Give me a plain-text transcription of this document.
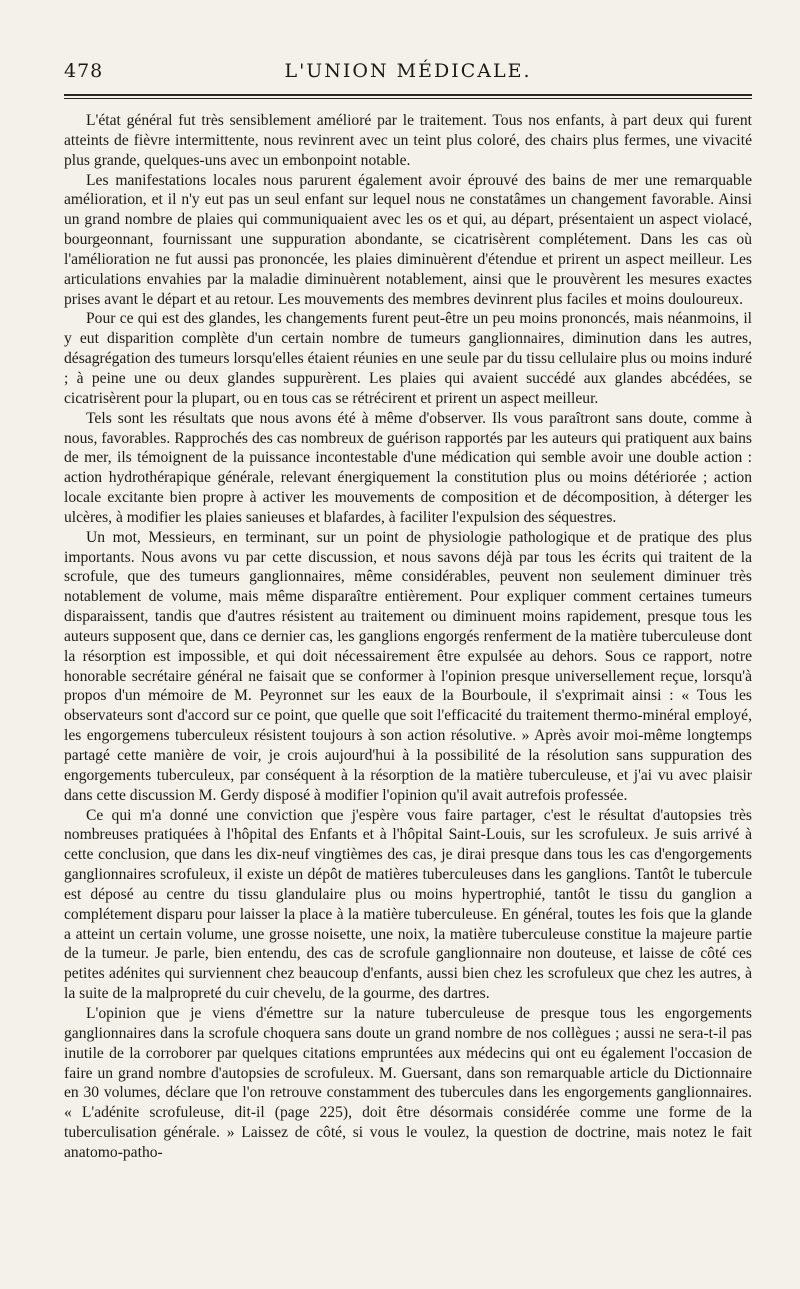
478	L'UNION MÉDICALE.

L'état général fut très sensiblement amélioré par le traitement. Tous nos enfants, à part deux qui furent atteints de fièvre intermittente, nous revinrent avec un teint plus coloré, des chairs plus fermes, une vivacité plus grande, quelques-uns avec un embonpoint notable.

Les manifestations locales nous parurent également avoir éprouvé des bains de mer une remarquable amélioration, et il n'y eut pas un seul enfant sur lequel nous ne constatâmes un changement favorable. Ainsi un grand nombre de plaies qui communiquaient avec les os et qui, au départ, présentaient un aspect violacé, bourgeonnant, fournissant une suppuration abondante, se cicatrisèrent complétement. Dans les cas où l'amélioration ne fut aussi pas prononcée, les plaies diminuèrent d'étendue et prirent un aspect meilleur. Les articulations envahies par la maladie diminuèrent notablement, ainsi que le prouvèrent les mesures exactes prises avant le départ et au retour. Les mouvements des membres devinrent plus faciles et moins douloureux.

Pour ce qui est des glandes, les changements furent peut-être un peu moins prononcés, mais néanmoins, il y eut disparition complète d'un certain nombre de tumeurs ganglionnaires, diminution dans les autres, désagrégation des tumeurs lorsqu'elles étaient réunies en une seule par du tissu cellulaire plus ou moins induré ; à peine une ou deux glandes suppurèrent. Les plaies qui avaient succédé aux glandes abcédées, se cicatrisèrent pour la plupart, ou en tous cas se rétrécirent et prirent un aspect meilleur.

Tels sont les résultats que nous avons été à même d'observer. Ils vous paraîtront sans doute, comme à nous, favorables. Rapprochés des cas nombreux de guérison rapportés par les auteurs qui pratiquent aux bains de mer, ils témoignent de la puissance incontestable d'une médication qui semble avoir une double action : action hydrothérapique générale, relevant énergiquement la constitution plus ou moins détériorée ; action locale excitante bien propre à activer les mouvements de composition et de décomposition, à déterger les ulcères, à modifier les plaies sanieuses et blafardes, à faciliter l'expulsion des séquestres.

Un mot, Messieurs, en terminant, sur un point de physiologie pathologique et de pratique des plus importants. Nous avons vu par cette discussion, et nous savons déjà par tous les écrits qui traitent de la scrofule, que des tumeurs ganglionnaires, même considérables, peuvent non seulement diminuer très notablement de volume, mais même disparaître entièrement. Pour expliquer comment certaines tumeurs disparaissent, tandis que d'autres résistent au traitement ou diminuent moins rapidement, presque tous les auteurs supposent que, dans ce dernier cas, les ganglions engorgés renferment de la matière tuberculeuse dont la résorption est impossible, et qui doit nécessairement être expulsée au dehors. Sous ce rapport, notre honorable secrétaire général ne faisait que se conformer à l'opinion presque universellement reçue, lorsqu'à propos d'un mémoire de M. Peyronnet sur les eaux de la Bourboule, il s'exprimait ainsi : « Tous les observateurs sont d'accord sur ce point, que quelle que soit l'efficacité du traitement thermo-minéral employé, les engorgemens tuberculeux résistent toujours à son action résolutive. » Après avoir moi-même longtemps partagé cette manière de voir, je crois aujourd'hui à la possibilité de la résolution sans suppuration des engorgements tuberculeux, par conséquent à la résorption de la matière tuberculeuse, et j'ai vu avec plaisir dans cette discussion M. Gerdy disposé à modifier l'opinion qu'il avait autrefois professée.

Ce qui m'a donné une conviction que j'espère vous faire partager, c'est le résultat d'autopsies très nombreuses pratiquées à l'hôpital des Enfants et à l'hôpital Saint-Louis, sur les scrofuleux. Je suis arrivé à cette conclusion, que dans les dix-neuf vingtièmes des cas, je dirai presque dans tous les cas d'engorgements ganglionnaires scrofuleux, il existe un dépôt de matières tuberculeuses dans les ganglions. Tantôt le tubercule est déposé au centre du tissu glandulaire plus ou moins hypertrophié, tantôt le tissu du ganglion a complétement disparu pour laisser la place à la matière tuberculeuse. En général, toutes les fois que la glande a atteint un certain volume, une grosse noisette, une noix, la matière tuberculeuse constitue la majeure partie de la tumeur. Je parle, bien entendu, des cas de scrofule ganglionnaire non douteuse, et laisse de côté ces petites adénites qui surviennent chez beaucoup d'enfants, aussi bien chez les scrofuleux que chez les autres, à la suite de la malpropreté du cuir chevelu, de la gourme, des dartres.

L'opinion que je viens d'émettre sur la nature tuberculeuse de presque tous les engorgements ganglionnaires dans la scrofule choquera sans doute un grand nombre de nos collègues ; aussi ne sera-t-il pas inutile de la corroborer par quelques citations empruntées aux médecins qui ont eu également l'occasion de faire un grand nombre d'autopsies de scrofuleux. M. Guersant, dans son remarquable article du Dictionnaire en 30 volumes, déclare que l'on retrouve constamment des tubercules dans les engorgements ganglionnaires. « L'adénite scrofuleuse, dit-il (page 225), doit être désormais considérée comme une forme de la tuberculisation générale. » Laissez de côté, si vous le voulez, la question de doctrine, mais notez le fait anatomo-patho-
